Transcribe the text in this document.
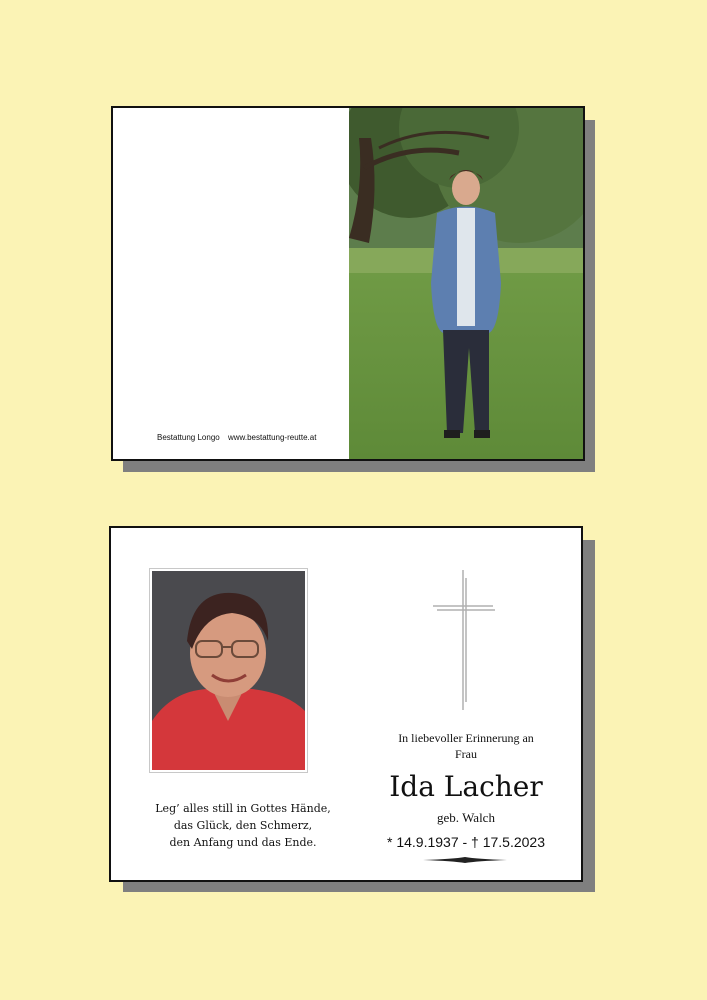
Bestattung Longo www.bestattung-reutte.at
Leg’ alles still in Gottes Hände,
das Glück, den Schmerz,
den Anfang und das Ende.
In liebevoller Erinnerung an
Frau
Ida Lacher
geb. Walch
* 14.9.1937 - † 17.5.2023
